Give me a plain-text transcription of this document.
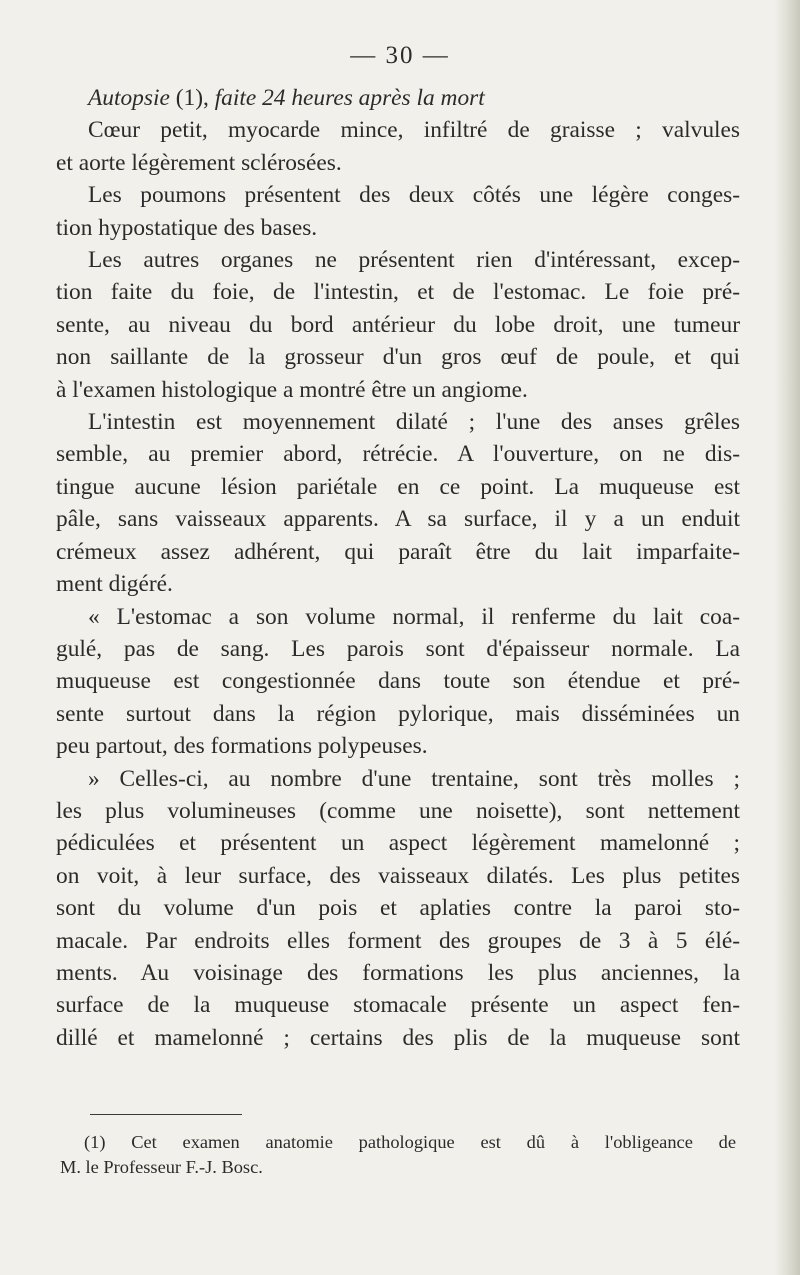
— 30 —
Autopsie (1), faite 24 heures après la mort
Cœur petit, myocarde mince, infiltré de graisse ; valvules
et aorte légèrement sclérosées.
Les poumons présentent des deux côtés une légère conges-
tion hypostatique des bases.
Les autres organes ne présentent rien d'intéressant, excep-
tion faite du foie, de l'intestin, et de l'estomac. Le foie pré-
sente, au niveau du bord antérieur du lobe droit, une tumeur
non saillante de la grosseur d'un gros œuf de poule, et qui
à l'examen histologique a montré être un angiome.
L'intestin est moyennement dilaté ; l'une des anses grêles
semble, au premier abord, rétrécie. A l'ouverture, on ne dis-
tingue aucune lésion pariétale en ce point. La muqueuse est
pâle, sans vaisseaux apparents. A sa surface, il y a un enduit
crémeux assez adhérent, qui paraît être du lait imparfaite-
ment digéré.
« L'estomac a son volume normal, il renferme du lait coa-
gulé, pas de sang. Les parois sont d'épaisseur normale. La
muqueuse est congestionnée dans toute son étendue et pré-
sente surtout dans la région pylorique, mais disséminées un
peu partout, des formations polypeuses.
» Celles-ci, au nombre d'une trentaine, sont très molles ;
les plus volumineuses (comme une noisette), sont nettement
pédiculées et présentent un aspect légèrement mamelonné ;
on voit, à leur surface, des vaisseaux dilatés. Les plus petites
sont du volume d'un pois et aplaties contre la paroi sto-
macale. Par endroits elles forment des groupes de 3 à 5 élé-
ments. Au voisinage des formations les plus anciennes, la
surface de la muqueuse stomacale présente un aspect fen-
dillé et mamelonné ; certains des plis de la muqueuse sont
(1) Cet examen anatomie pathologique est dû à l'obligeance de
M. le Professeur F.-J. Bosc.
